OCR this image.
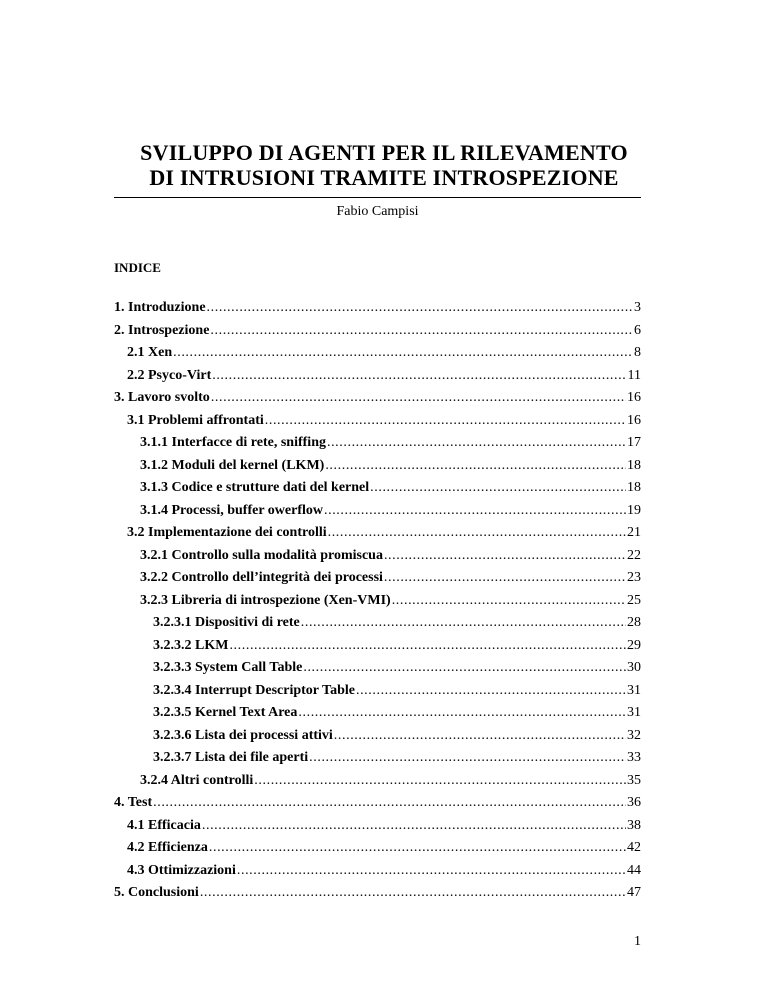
SVILUPPO DI AGENTI PER IL RILEVAMENTO
DI INTRUSIONI TRAMITE INTROSPEZIONE
Fabio Campisi
INDICE
1. Introduzione .....	3
2. Introspezione .....	6
2.1 Xen .....	8
2.2 Psyco-Virt .....	11
3. Lavoro svolto .....	16
3.1 Problemi affrontati .....	16
3.1.1 Interfacce di rete, sniffing .....	17
3.1.2 Moduli del kernel (LKM) .....	18
3.1.3 Codice e strutture dati del kernel .....	18
3.1.4 Processi, buffer owerflow .....	19
3.2 Implementazione dei controlli .....	21
3.2.1 Controllo sulla modalità promiscua .....	22
3.2.2 Controllo dell’integrità dei processi .....	23
3.2.3 Libreria di introspezione (Xen-VMI) .....	25
3.2.3.1 Dispositivi di rete .....	28
3.2.3.2 LKM .....	29
3.2.3.3 System Call Table .....	30
3.2.3.4 Interrupt Descriptor Table .....	31
3.2.3.5 Kernel Text Area .....	31
3.2.3.6 Lista dei processi attivi .....	32
3.2.3.7 Lista dei file aperti .....	33
3.2.4 Altri controlli .....	35
4. Test .....	36
4.1 Efficacia .....	38
4.2 Efficienza .....	42
4.3 Ottimizzazioni .....	44
5. Conclusioni .....	47
1
